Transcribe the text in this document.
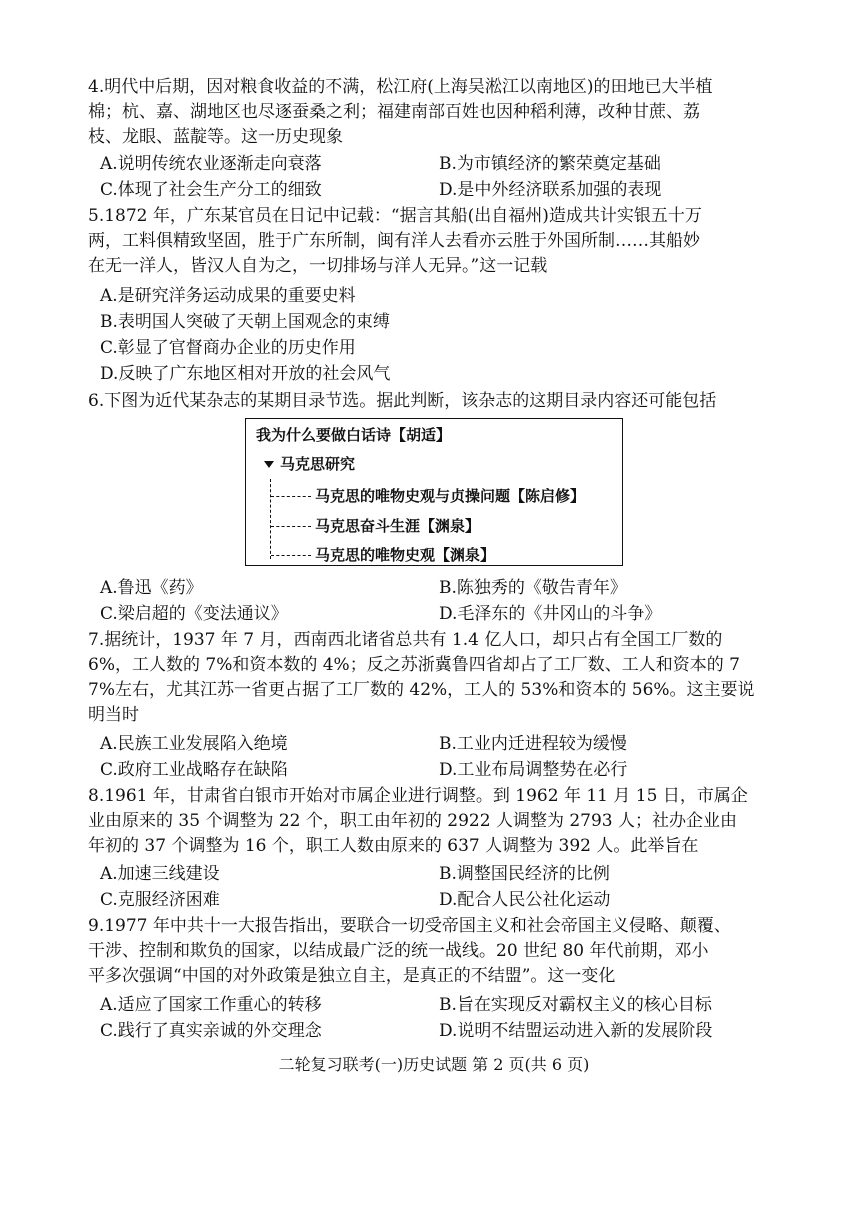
4.明代中后期，因对粮食收益的不满，松江府(上海吴淞江以南地区)的田地已大半植
棉；杭、嘉、湖地区也尽逐蚕桑之利；福建南部百姓也因种稻利薄，改种甘蔗、荔
枝、龙眼、蓝靛等。这一历史现象
A.说明传统农业逐渐走向衰落	B.为市镇经济的繁荣奠定基础
C.体现了社会生产分工的细致	D.是中外经济联系加强的表现
5.1872 年，广东某官员在日记中记载：“据言其船(出自福州)造成共计实银五十万
两，工料俱精致坚固，胜于广东所制，闽有洋人去看亦云胜于外国所制……其船妙
在无一洋人，皆汉人自为之，一切排场与洋人无异。”这一记载
A.是研究洋务运动成果的重要史料
B.表明国人突破了天朝上国观念的束缚
C.彰显了官督商办企业的历史作用
D.反映了广东地区相对开放的社会风气
6.下图为近代某杂志的某期目录节选。据此判断，该杂志的这期目录内容还可能包括
我为什么要做白话诗【胡适】
马克思研究
马克思的唯物史观与贞操问题【陈启修】
马克思奋斗生涯【渊泉】
马克思的唯物史观【渊泉】
A.鲁迅《药》	B.陈独秀的《敬告青年》
C.梁启超的《变法通议》	D.毛泽东的《井冈山的斗争》
7.据统计，1937 年 7 月，西南西北诸省总共有 1.4 亿人口，却只占有全国工厂数的
6%，工人数的 7%和资本数的 4%；反之苏浙冀鲁四省却占了工厂数、工人和资本的 7
7%左右，尤其江苏一省更占据了工厂数的 42%，工人的 53%和资本的 56%。这主要说
明当时
A.民族工业发展陷入绝境	B.工业内迁进程较为缓慢
C.政府工业战略存在缺陷	D.工业布局调整势在必行
8.1961 年，甘肃省白银市开始对市属企业进行调整。到 1962 年 11 月 15 日，市属企
业由原来的 35 个调整为 22 个，职工由年初的 2922 人调整为 2793 人；社办企业由
年初的 37 个调整为 16 个，职工人数由原来的 637 人调整为 392 人。此举旨在
A.加速三线建设	B.调整国民经济的比例
C.克服经济困难	D.配合人民公社化运动
9.1977 年中共十一大报告指出，要联合一切受帝国主义和社会帝国主义侵略、颠覆、
干涉、控制和欺负的国家，以结成最广泛的统一战线。20 世纪 80 年代前期，邓小
平多次强调“中国的对外政策是独立自主，是真正的不结盟”。这一变化
A.适应了国家工作重心的转移	B.旨在实现反对霸权主义的核心目标
C.践行了真实亲诚的外交理念	D.说明不结盟运动进入新的发展阶段
二轮复习联考(一)历史试题 第 2 页(共 6 页)
